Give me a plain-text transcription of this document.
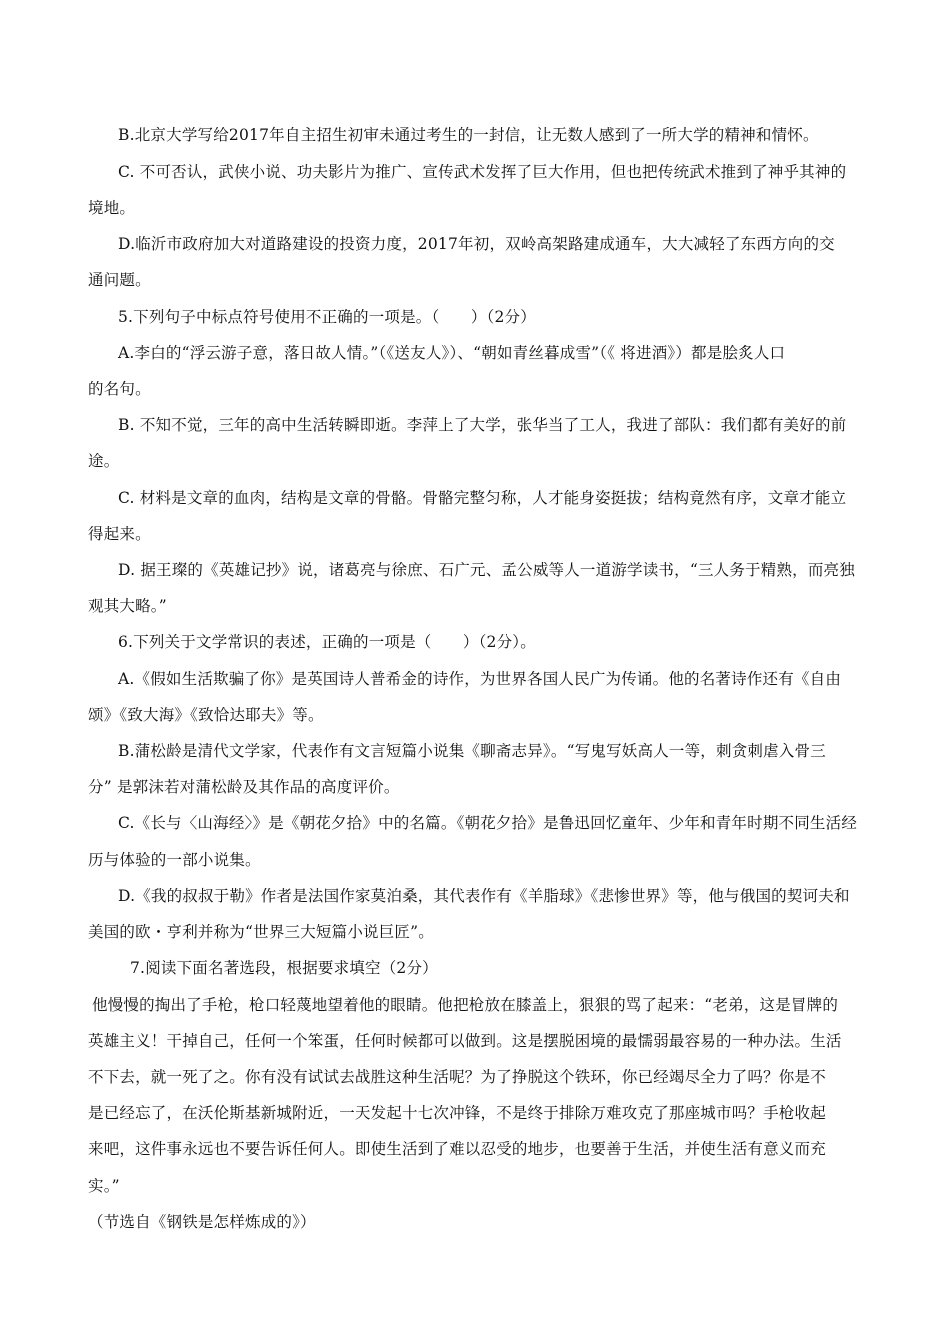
B.北京大学写给2017年自主招生初审未通过考生的一封信，让无数人感到了一所大学的精神和情怀。
C. 不可否认，武侠小说、功夫影片为推广、宣传武术发挥了巨大作用，但也把传统武术推到了神乎其神的
境地。
D.临沂市政府加大对道路建设的投资力度，2017年初，双岭高架路建成通车，大大减轻了东西方向的交
通问题。
5.下列句子中标点符号使用不正确的一项是。（　　）（2分）
A.李白的“浮云游子意，落日故人情。”（《送友人》）、“朝如青丝暮成雪”（《 将进酒》）都是脍炙人口
的名句。
B. 不知不觉，三年的高中生活转瞬即逝。李萍上了大学，张华当了工人，我进了部队：我们都有美好的前
途。
C. 材料是文章的血肉，结构是文章的骨骼。骨骼完整匀称，人才能身姿挺拔；结构竟然有序，文章才能立
得起来。
D. 据王璨的《英雄记抄》说，诸葛亮与徐庶、石广元、孟公威等人一道游学读书，“三人务于精熟，而亮独
观其大略。”
6.下列关于文学常识的表述，正确的一项是（　　）（2分）。
A.《假如生活欺骗了你》是英国诗人普希金的诗作，为世界各国人民广为传诵。他的名著诗作还有《自由
颂》《致大海》《致恰达耶夫》等。
B.蒲松龄是清代文学家，代表作有文言短篇小说集《聊斋志异》。“写鬼写妖高人一等，刺贪刺虐入骨三
分” 是郭沫若对蒲松龄及其作品的高度评价。
C.《长与〈山海经〉》是《朝花夕拾》中的名篇。《朝花夕拾》是鲁迅回忆童年、少年和青年时期不同生活经
历与体验的一部小说集。
D.《我的叔叔于勒》作者是法国作家莫泊桑，其代表作有《羊脂球》《悲惨世界》等，他与俄国的契诃夫和
美国的欧・亨利并称为“世界三大短篇小说巨匠”。
7.阅读下面名著选段，根据要求填空（2分）
他慢慢的掏出了手枪，枪口轻蔑地望着他的眼睛。他把枪放在膝盖上，狠狠的骂了起来：“老弟，这是冒牌的
英雄主义！干掉自己，任何一个笨蛋，任何时候都可以做到。这是摆脱困境的最懦弱最容易的一种办法。生活
不下去，就一死了之。你有没有试试去战胜这种生活呢？为了挣脱这个铁环，你已经竭尽全力了吗？你是不
是已经忘了，在沃伦斯基新城附近，一天发起十七次冲锋，不是终于排除万难攻克了那座城市吗？手枪收起
来吧，这件事永远也不要告诉任何人。即使生活到了难以忍受的地步，也要善于生活，并使生活有意义而充
实。”
（节选自《钢铁是怎样炼成的》）
